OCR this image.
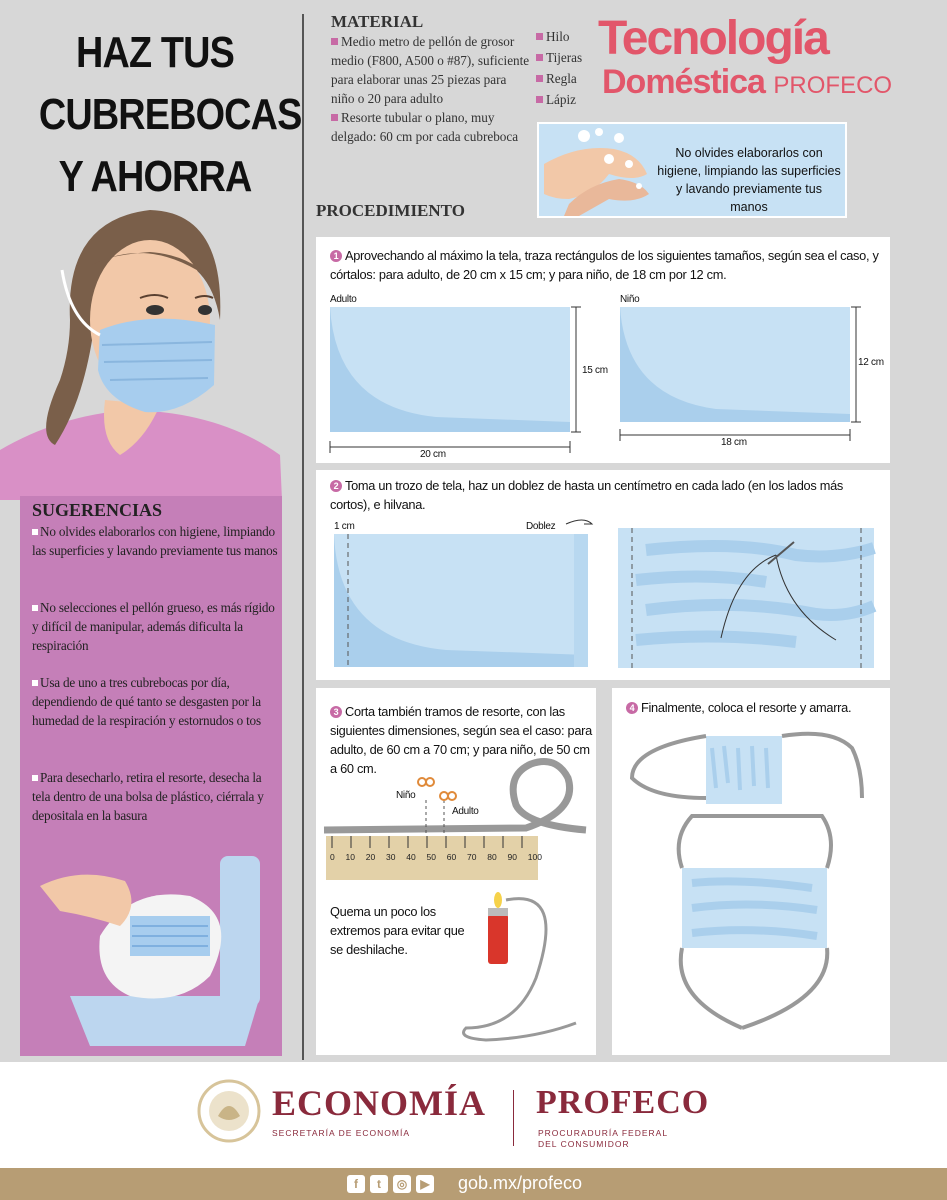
HAZ TUS
CUBREBOCAS
Y AHORRA
MATERIAL
Medio metro de pellón de grosor medio (F800, A500 o #87), suficiente para elaborar unas 25 piezas para niño o 20 para adulto
Resorte tubular o plano, muy delgado: 60 cm por cada cubreboca
Hilo
Tijeras
Regla
Lápiz
Tecnología
Doméstica PROFECO
No olvides elaborarlos con higiene, limpiando las superficies y lavando previamente tus manos
PROCEDIMIENTO
1 Aprovechando al máximo la tela, traza rectángulos de los siguientes tamaños, según sea el caso, y córtalos: para adulto, de 20 cm x 15 cm; y para niño, de 18 cm por 12 cm.
Adulto	Niño
15 cm
20 cm
12 cm
18 cm
2 Toma un trozo de tela, haz un doblez de hasta un centímetro en cada lado (en los lados más cortos), e hilvana.
1 cm	Doblez
3 Corta también tramos de resorte, con las siguientes dimensiones, según sea el caso: para adulto, de 60 cm a 70 cm; y para niño, de 50 cm a 60 cm.
Niño
Adulto
0 10 20 30 40 50 60 70 80 90 100
Quema un poco los extremos para evitar que se deshilache.
4 Finalmente, coloca el resorte y amarra.
SUGERENCIAS
No olvides elaborarlos con higiene, limpiando las superficies y lavando previamente tus manos
No selecciones el pellón grueso, es más rígido y difícil de manipular, además dificulta la respiración
Usa de uno a tres cubrebocas por día, dependiendo de qué tanto se desgasten por la humedad de la respiración y estornudos o tos
Para desecharlo, retira el resorte, desecha la tela dentro de una bolsa de plástico, ciérrala y depositala en la basura
ECONOMÍA
SECRETARÍA DE ECONOMÍA
PROFECO
PROCURADURÍA FEDERAL
DEL CONSUMIDOR
f t ◎ ▶	gob.mx/profeco
